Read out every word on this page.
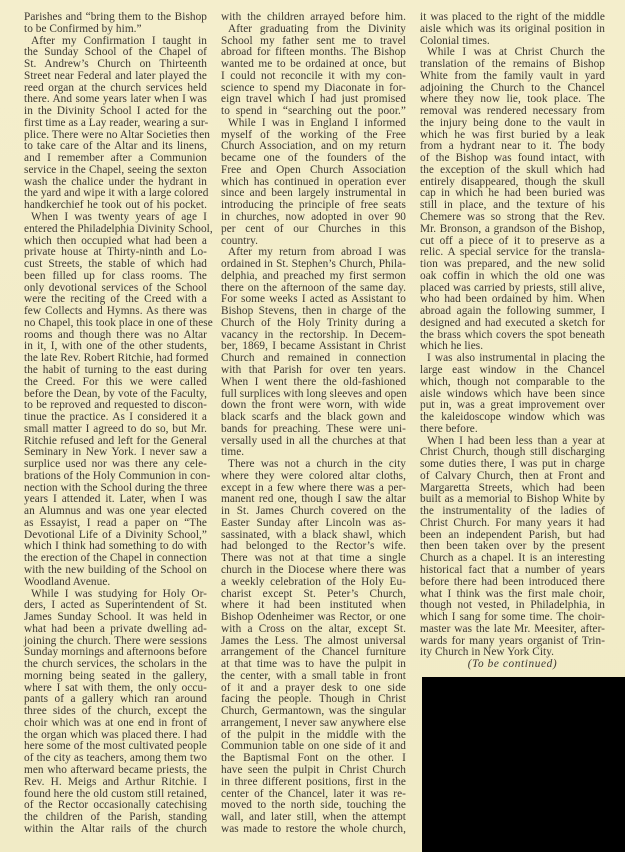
Parishes and “bring them to the Bishop
to be Confirmed by him.”
After my Confirmation I taught in
the Sunday School of the Chapel of
St. Andrew’s Church on Thirteenth
Street near Federal and later played the
reed organ at the church services held
there. And some years later when I was
in the Divinity School I acted for the
first time as a Lay reader, wearing a sur-
plice. There were no Altar Societies then
to take care of the Altar and its linens,
and I remember after a Communion
service in the Chapel, seeing the sexton
wash the chalice under the hydrant in
the yard and wipe it with a large colored
handkerchief he took out of his pocket.
When I was twenty years of age I
entered the Philadelphia Divinity School,
which then occupied what had been a
private house at Thirty-ninth and Lo-
cust Streets, the stable of which had
been filled up for class rooms. The
only devotional services of the School
were the reciting of the Creed with a
few Collects and Hymns. As there was
no Chapel, this took place in one of these
rooms and though there was no Altar
in it, I, with one of the other students,
the late Rev. Robert Ritchie, had formed
the habit of turning to the east during
the Creed. For this we were called
before the Dean, by vote of the Faculty,
to be reproved and requested to discon-
tinue the practice. As I considered it a
small matter I agreed to do so, but Mr.
Ritchie refused and left for the General
Seminary in New York. I never saw a
surplice used nor was there any cele-
brations of the Holy Communion in con-
nection with the School during the three
years I attended it. Later, when I was
an Alumnus and was one year elected
as Essayist, I read a paper on “The
Devotional Life of a Divinity School,”
which I think had something to do with
the erection of the Chapel in connection
with the new building of the School on
Woodland Avenue.
While I was studying for Holy Or-
ders, I acted as Superintendent of St.
James Sunday School. It was held in
what had been a private dwelling ad-
joining the church. There were sessions
Sunday mornings and afternoons before
the church services, the scholars in the
morning being seated in the gallery,
where I sat with them, the only occu-
pants of a gallery which ran around
three sides of the church, except the
choir which was at one end in front of
the organ which was placed there. I had
here some of the most cultivated people
of the city as teachers, among them two
men who afterward became priests, the
Rev. H. Meigs and Arthur Ritchie. I
found here the old custom still retained,
of the Rector occasionally catechising
the children of the Parish, standing
within the Altar rails of the church
with the children arrayed before him.
After graduating from the Divinity
School my father sent me to travel
abroad for fifteen months. The Bishop
wanted me to be ordained at once, but
I could not reconcile it with my con-
science to spend my Diaconate in for-
eign travel which I had just promised
to spend in “searching out the poor.”
While I was in England I informed
myself of the working of the Free
Church Association, and on my return
became one of the founders of the
Free and Open Church Association
which has continued in operation ever
since and been largely instrumental in
introducing the principle of free seats
in churches, now adopted in over 90
per cent of our Churches in this
country.
After my return from abroad I was
ordained in St. Stephen’s Church, Phila-
delphia, and preached my first sermon
there on the afternoon of the same day.
For some weeks I acted as Assistant to
Bishop Stevens, then in charge of the
Church of the Holy Trinity during a
vacancy in the rectorship. In Decem-
ber, 1869, I became Assistant in Christ
Church and remained in connection
with that Parish for over ten years.
When I went there the old-fashioned
full surplices with long sleeves and open
down the front were worn, with wide
black scarfs and the black gown and
bands for preaching. These were uni-
versally used in all the churches at that
time.
There was not a church in the city
where they were colored altar cloths,
except in a few where there was a per-
manent red one, though I saw the altar
in St. James Church covered on the
Easter Sunday after Lincoln was as-
sassinated, with a black shawl, which
had belonged to the Rector’s wife.
There was not at that time a single
church in the Diocese where there was
a weekly celebration of the Holy Eu-
charist except St. Peter’s Church,
where it had been instituted when
Bishop Odenheimer was Rector, or one
with a Cross on the altar, except St.
James the Less. The almost universal
arrangement of the Chancel furniture
at that time was to have the pulpit in
the center, with a small table in front
of it and a prayer desk to one side
facing the people. Though in Christ
Church, Germantown, was the singular
arrangement, I never saw anywhere else
of the pulpit in the middle with the
Communion table on one side of it and
the Baptismal Font on the other. I
have seen the pulpit in Christ Church
in three different positions, first in the
center of the Chancel, later it was re-
moved to the north side, touching the
wall, and later still, when the attempt
was made to restore the whole church,
it was placed to the right of the middle
aisle which was its original position in
Colonial times.
While I was at Christ Church the
translation of the remains of Bishop
White from the family vault in yard
adjoining the Church to the Chancel
where they now lie, took place. The
removal was rendered necessary from
the injury being done to the vault in
which he was first buried by a leak
from a hydrant near to it. The body
of the Bishop was found intact, with
the exception of the skull which had
entirely disappeared, though the skull
cap in which he had been buried was
still in place, and the texture of his
Chemere was so strong that the Rev.
Mr. Bronson, a grandson of the Bishop,
cut off a piece of it to preserve as a
relic. A special service for the transla-
tion was prepared, and the new solid
oak coffin in which the old one was
placed was carried by priests, still alive,
who had been ordained by him. When
abroad again the following summer, I
designed and had executed a sketch for
the brass which covers the spot beneath
which he lies.
I was also instrumental in placing the
large east window in the Chancel
which, though not comparable to the
aisle windows which have been since
put in, was a great improvement over
the kaleidoscope window which was
there before.
When I had been less than a year at
Christ Church, though still discharging
some duties there, I was put in charge
of Calvary Church, then at Front and
Margaretta Streets, which had been
built as a memorial to Bishop White by
the instrumentality of the ladies of
Christ Church. For many years it had
been an independent Parish, but had
then been taken over by the present
Church as a chapel. It is an interesting
historical fact that a number of years
before there had been introduced there
what I think was the first male choir,
though not vested, in Philadelphia, in
which I sang for some time. The choir-
master was the late Mr. Meesiter, after-
wards for many years organist of Trin-
ity Church in New York City.
(To be continued)
